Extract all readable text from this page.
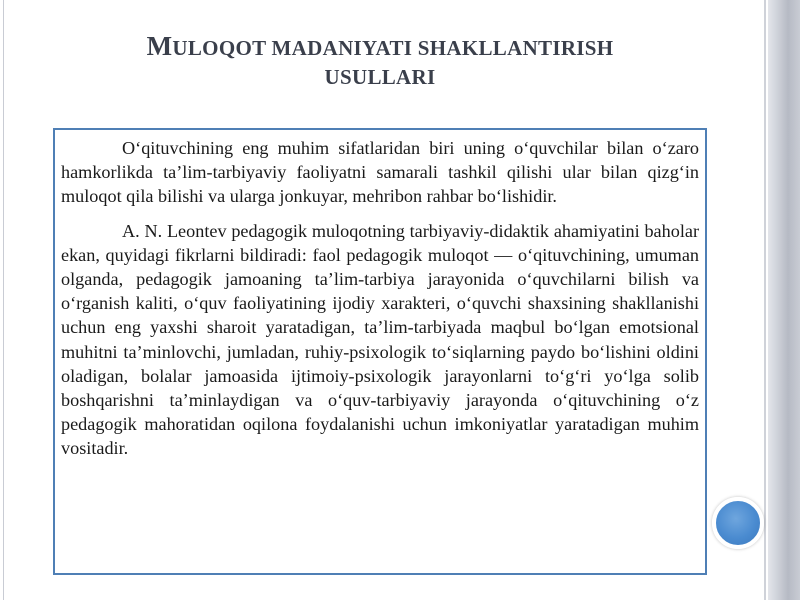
MULOQOT MADANIYATI SHAKLLANTIRISH
USULLARI

O‘qituvchining eng muhim sifatlaridan biri uning o‘quvchilar bilan o‘zaro hamkorlikda ta’lim-tarbiyaviy faoliyatni samarali tashkil qilishi ular bilan qizg‘in muloqot qila bilishi va ularga jonkuyar, mehribon rahbar bo‘lishidir.

A. N. Leontev pedagogik muloqotning tarbiyaviy-didaktik ahamiyatini baholar ekan, quyidagi fikrlarni bildiradi: faol pedagogik muloqot — o‘qituvchining, umuman olganda, pedagogik jamoaning ta’lim-tarbiya jarayonida o‘quvchilarni bilish va o‘rganish kaliti, o‘quv faoliyatining ijodiy xarakteri, o‘quvchi shaxsining shakllanishi uchun eng yaxshi sharoit yaratadigan, ta’lim-tarbiyada maqbul bo‘lgan emotsional muhitni ta’minlovchi, jumladan, ruhiy-psixologik to‘siqlarning paydo bo‘lishini oldini oladigan, bolalar jamoasida ijtimoiy-psixologik jarayonlarni to‘g‘ri yo‘lga solib boshqarishni ta’minlaydigan va o‘quv-tarbiyaviy jarayonda o‘qituvchining o‘z pedagogik mahoratidan oqilona foydalanishi uchun imkoniyatlar yaratadigan muhim vositadir.
